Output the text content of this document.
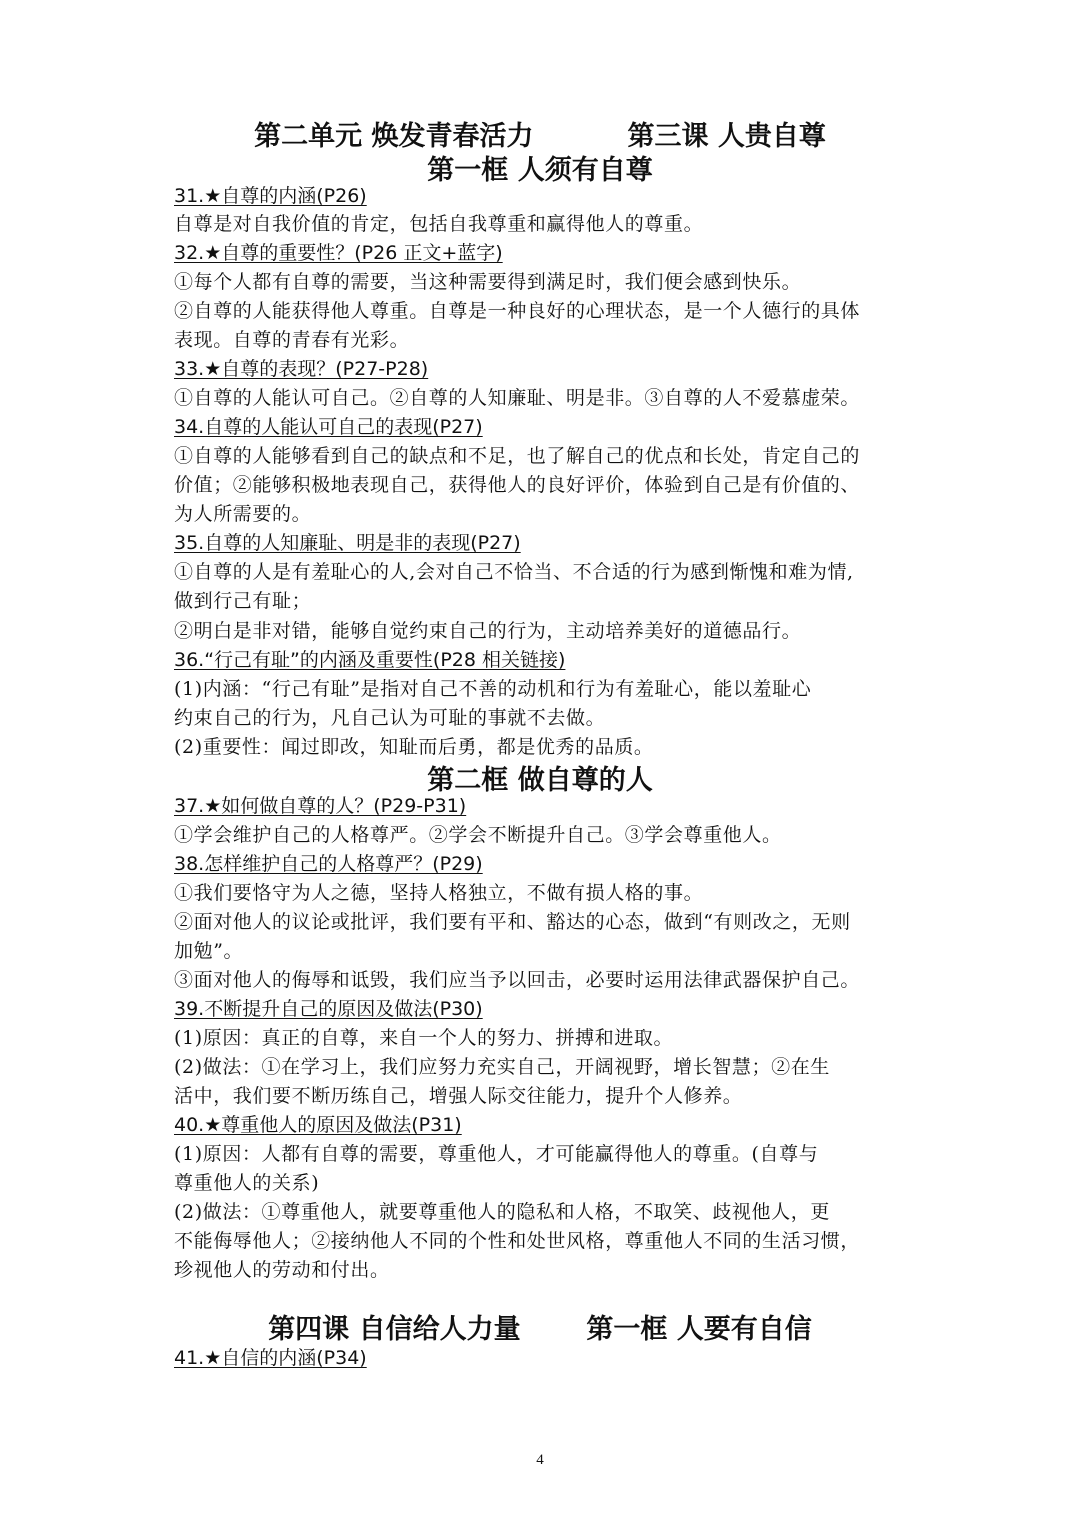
第二单元 焕发青春活力          第三课 人贵自尊
第一框 人须有自尊
31.★自尊的内涵(P26)
自尊是对自我价值的肯定，包括自我尊重和赢得他人的尊重。
32.★自尊的重要性？(P26 正文+蓝字)
①每个人都有自尊的需要，当这种需要得到满足时，我们便会感到快乐。
②自尊的人能获得他人尊重。自尊是一种良好的心理状态，是一个人德行的具体
表现。自尊的青春有光彩。
33.★自尊的表现？(P27-P28)
①自尊的人能认可自己。②自尊的人知廉耻、明是非。③自尊的人不爱慕虚荣。
34.自尊的人能认可自己的表现(P27)
①自尊的人能够看到自己的缺点和不足，也了解自己的优点和长处，肯定自己的
价值；②能够积极地表现自己，获得他人的良好评价，体验到自己是有价值的、
为人所需要的。
35.自尊的人知廉耻、明是非的表现(P27)
①自尊的人是有羞耻心的人,会对自己不恰当、不合适的行为感到惭愧和难为情,
做到行己有耻；
②明白是非对错，能够自觉约束自己的行为，主动培养美好的道德品行。
36.“行己有耻”的内涵及重要性(P28 相关链接)
(1)内涵：“行己有耻”是指对自己不善的动机和行为有羞耻心，能以羞耻心
约束自己的行为，凡自己认为可耻的事就不去做。
(2)重要性：闻过即改，知耻而后勇，都是优秀的品质。
第二框 做自尊的人
37.★如何做自尊的人？(P29-P31)
①学会维护自己的人格尊严。②学会不断提升自己。③学会尊重他人。
38.怎样维护自己的人格尊严？(P29)
①我们要恪守为人之德，坚持人格独立，不做有损人格的事。
②面对他人的议论或批评，我们要有平和、豁达的心态，做到“有则改之，无则
加勉”。
③面对他人的侮辱和诋毁，我们应当予以回击，必要时运用法律武器保护自己。
39.不断提升自己的原因及做法(P30)
(1)原因：真正的自尊，来自一个人的努力、拼搏和进取。
(2)做法：①在学习上，我们应努力充实自己，开阔视野，增长智慧；②在生
活中，我们要不断历练自己，增强人际交往能力，提升个人修养。
40.★尊重他人的原因及做法(P31)
(1)原因：人都有自尊的需要，尊重他人，才可能赢得他人的尊重。(自尊与
尊重他人的关系)
(2)做法：①尊重他人，就要尊重他人的隐私和人格，不取笑、歧视他人，更
不能侮辱他人；②接纳他人不同的个性和处世风格，尊重他人不同的生活习惯，
珍视他人的劳动和付出。
第四课 自信给人力量       第一框 人要有自信
41.★自信的内涵(P34)
4
